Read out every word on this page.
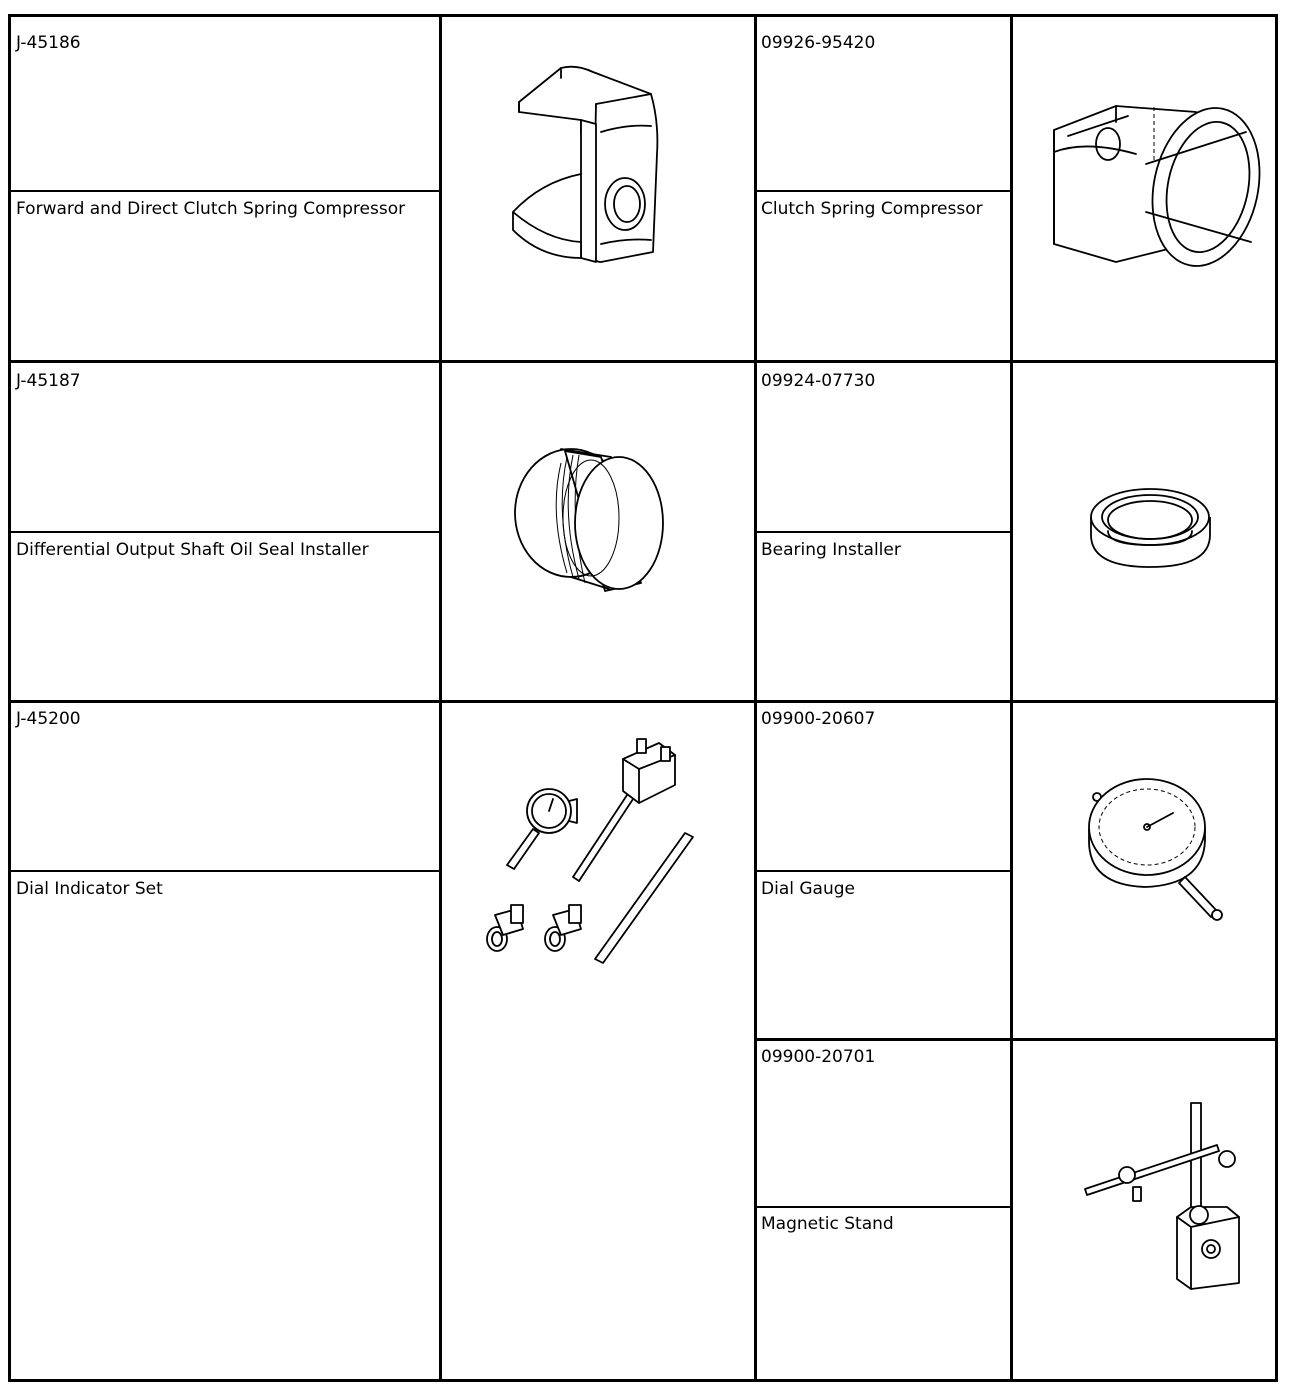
J-45186
Forward and Direct Clutch Spring Compressor
J-45187
Differential Output Shaft Oil Seal Installer
J-45200
Dial Indicator Set
09926-95420
Clutch Spring Compressor
09924-07730
Bearing Installer
09900-20607
Dial Gauge
09900-20701
Magnetic Stand
